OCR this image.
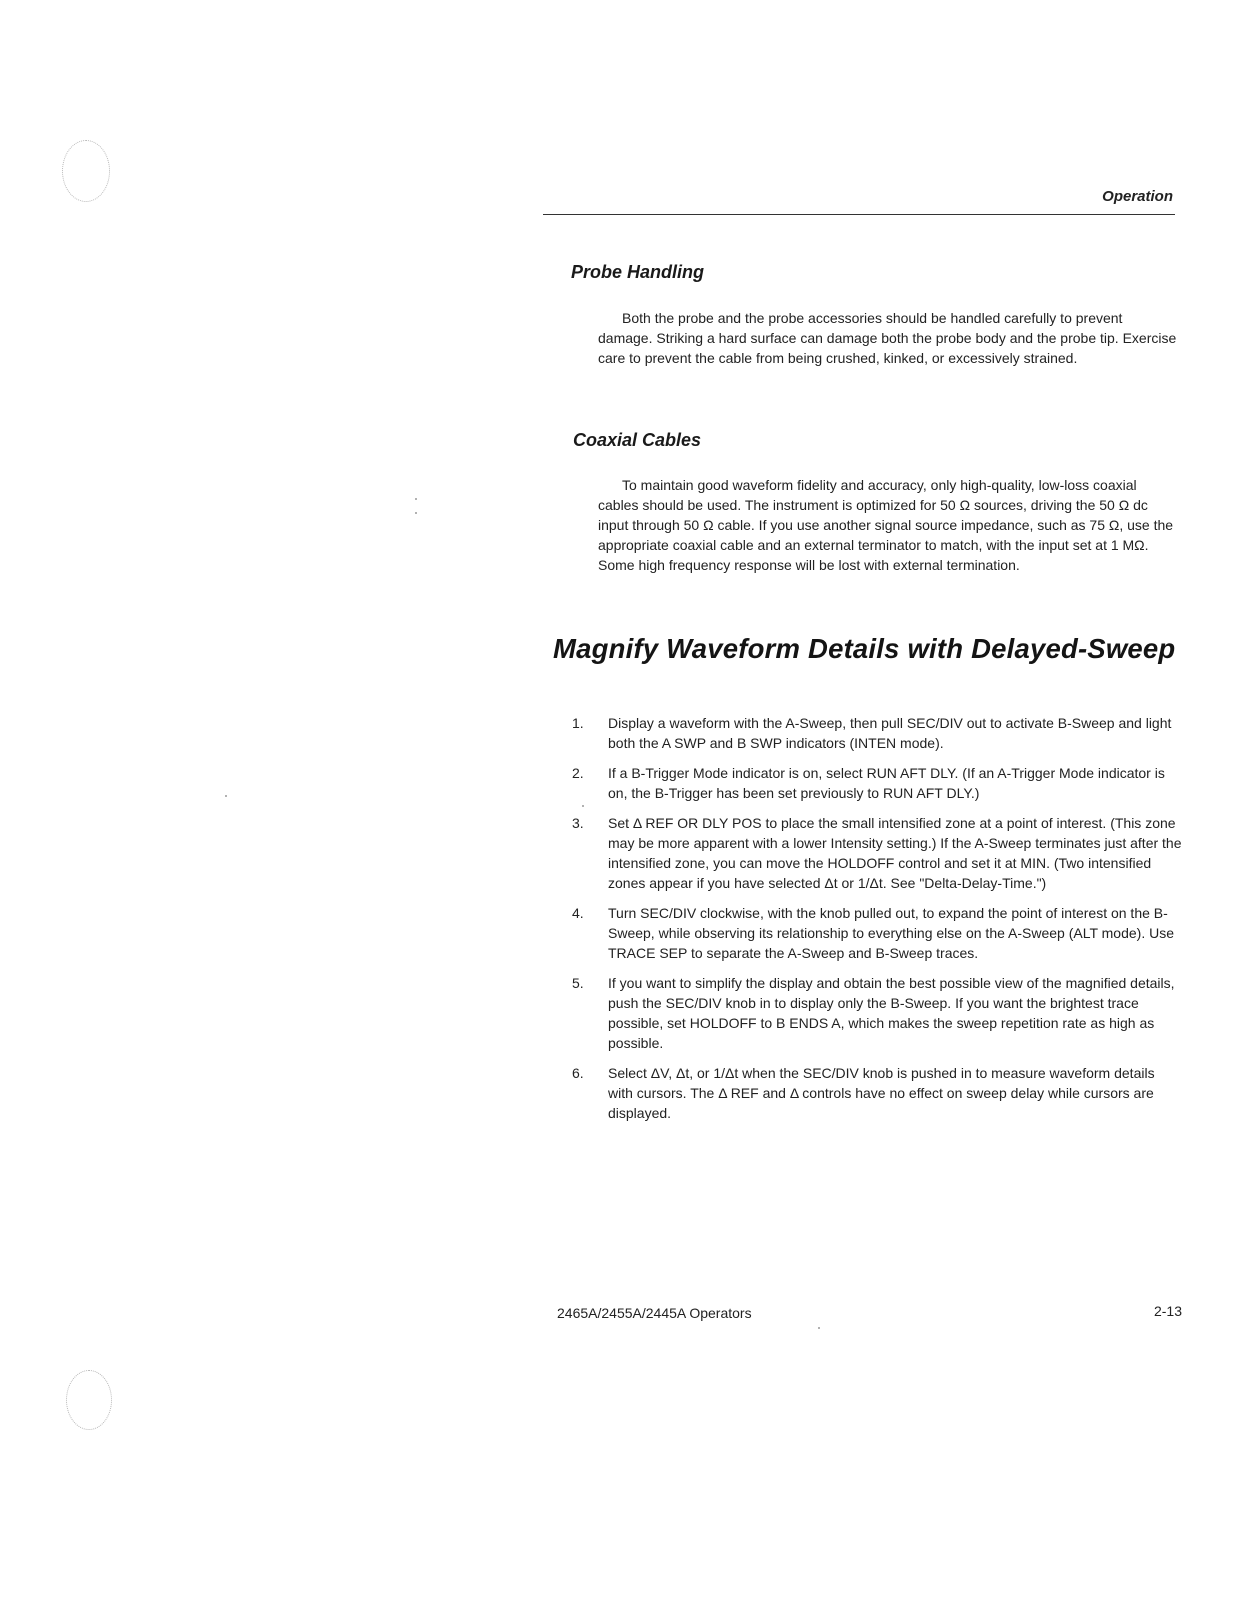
Operation
Probe Handling

Both the probe and the probe accessories should be handled carefully to prevent damage. Striking a hard surface can damage both the probe body and the probe tip. Exercise care to prevent the cable from being crushed, kinked, or excessively strained.

Coaxial Cables

To maintain good waveform fidelity and accuracy, only high-quality, low-loss coaxial cables should be used. The instrument is optimized for 50 Ω sources, driving the 50 Ω dc input through 50 Ω cable. If you use another signal source impedance, such as 75 Ω, use the appropriate coaxial cable and an external terminator to match, with the input set at 1 MΩ. Some high frequency response will be lost with external termination.

Magnify Waveform Details with Delayed-Sweep
1.	Display a waveform with the A-Sweep, then pull SEC/DIV out to activate B-Sweep and light both the A SWP and B SWP indicators (INTEN mode).
2.	If a B-Trigger Mode indicator is on, select RUN AFT DLY. (If an A-Trigger Mode indicator is on, the B-Trigger has been set previously to RUN AFT DLY.)
3.	Set Δ REF OR DLY POS to place the small intensified zone at a point of interest. (This zone may be more apparent with a lower Intensity setting.) If the A-Sweep terminates just after the intensified zone, you can move the HOLDOFF control and set it at MIN. (Two intensified zones appear if you have selected Δt or 1/Δt. See "Delta-Delay-Time.")
4.	Turn SEC/DIV clockwise, with the knob pulled out, to expand the point of interest on the B-Sweep, while observing its relationship to everything else on the A-Sweep (ALT mode). Use TRACE SEP to separate the A-Sweep and B-Sweep traces.
5.	If you want to simplify the display and obtain the best possible view of the magnified details, push the SEC/DIV knob in to display only the B-Sweep. If you want the brightest trace possible, set HOLDOFF to B ENDS A, which makes the sweep repetition rate as high as possible.
6.	Select ΔV, Δt, or 1/Δt when the SEC/DIV knob is pushed in to measure waveform details with cursors. The Δ REF and Δ controls have no effect on sweep delay while cursors are displayed.
2465A/2455A/2445A Operators	2-13
